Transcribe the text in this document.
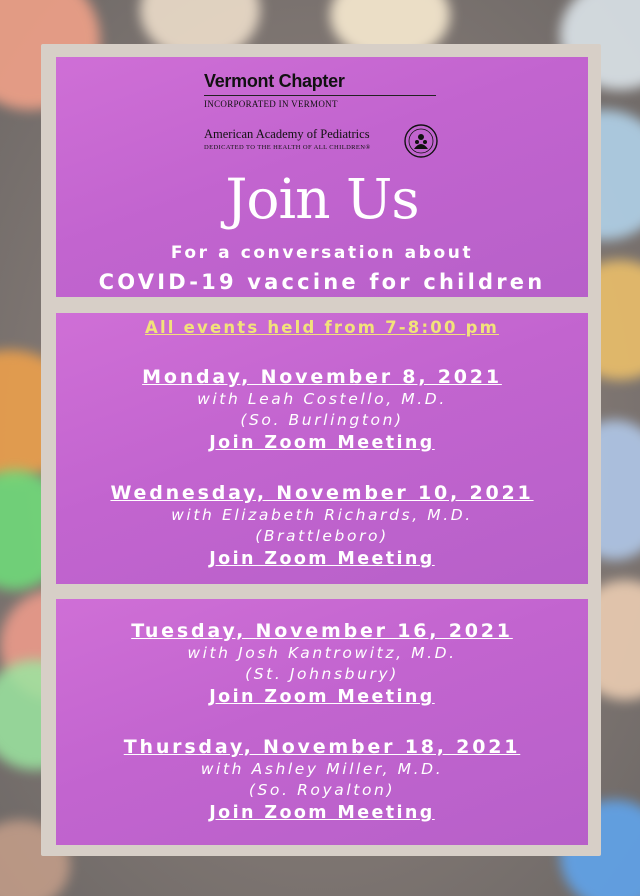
Vermont Chapter
INCORPORATED IN VERMONT
American Academy of Pediatrics
DEDICATED TO THE HEALTH OF ALL CHILDREN®
Join Us
For a conversation about
COVID-19 vaccine for children
All events held from 7-8:00 pm
Monday, November 8, 2021
with Leah Costello, M.D.
(So. Burlington)
Join Zoom Meeting
Wednesday, November 10, 2021
with Elizabeth Richards, M.D.
(Brattleboro)
Join Zoom Meeting
Tuesday, November 16, 2021
with Josh Kantrowitz, M.D.
(St. Johnsbury)
Join Zoom Meeting
Thursday, November 18, 2021
with Ashley Miller, M.D.
(So. Royalton)
Join Zoom Meeting
